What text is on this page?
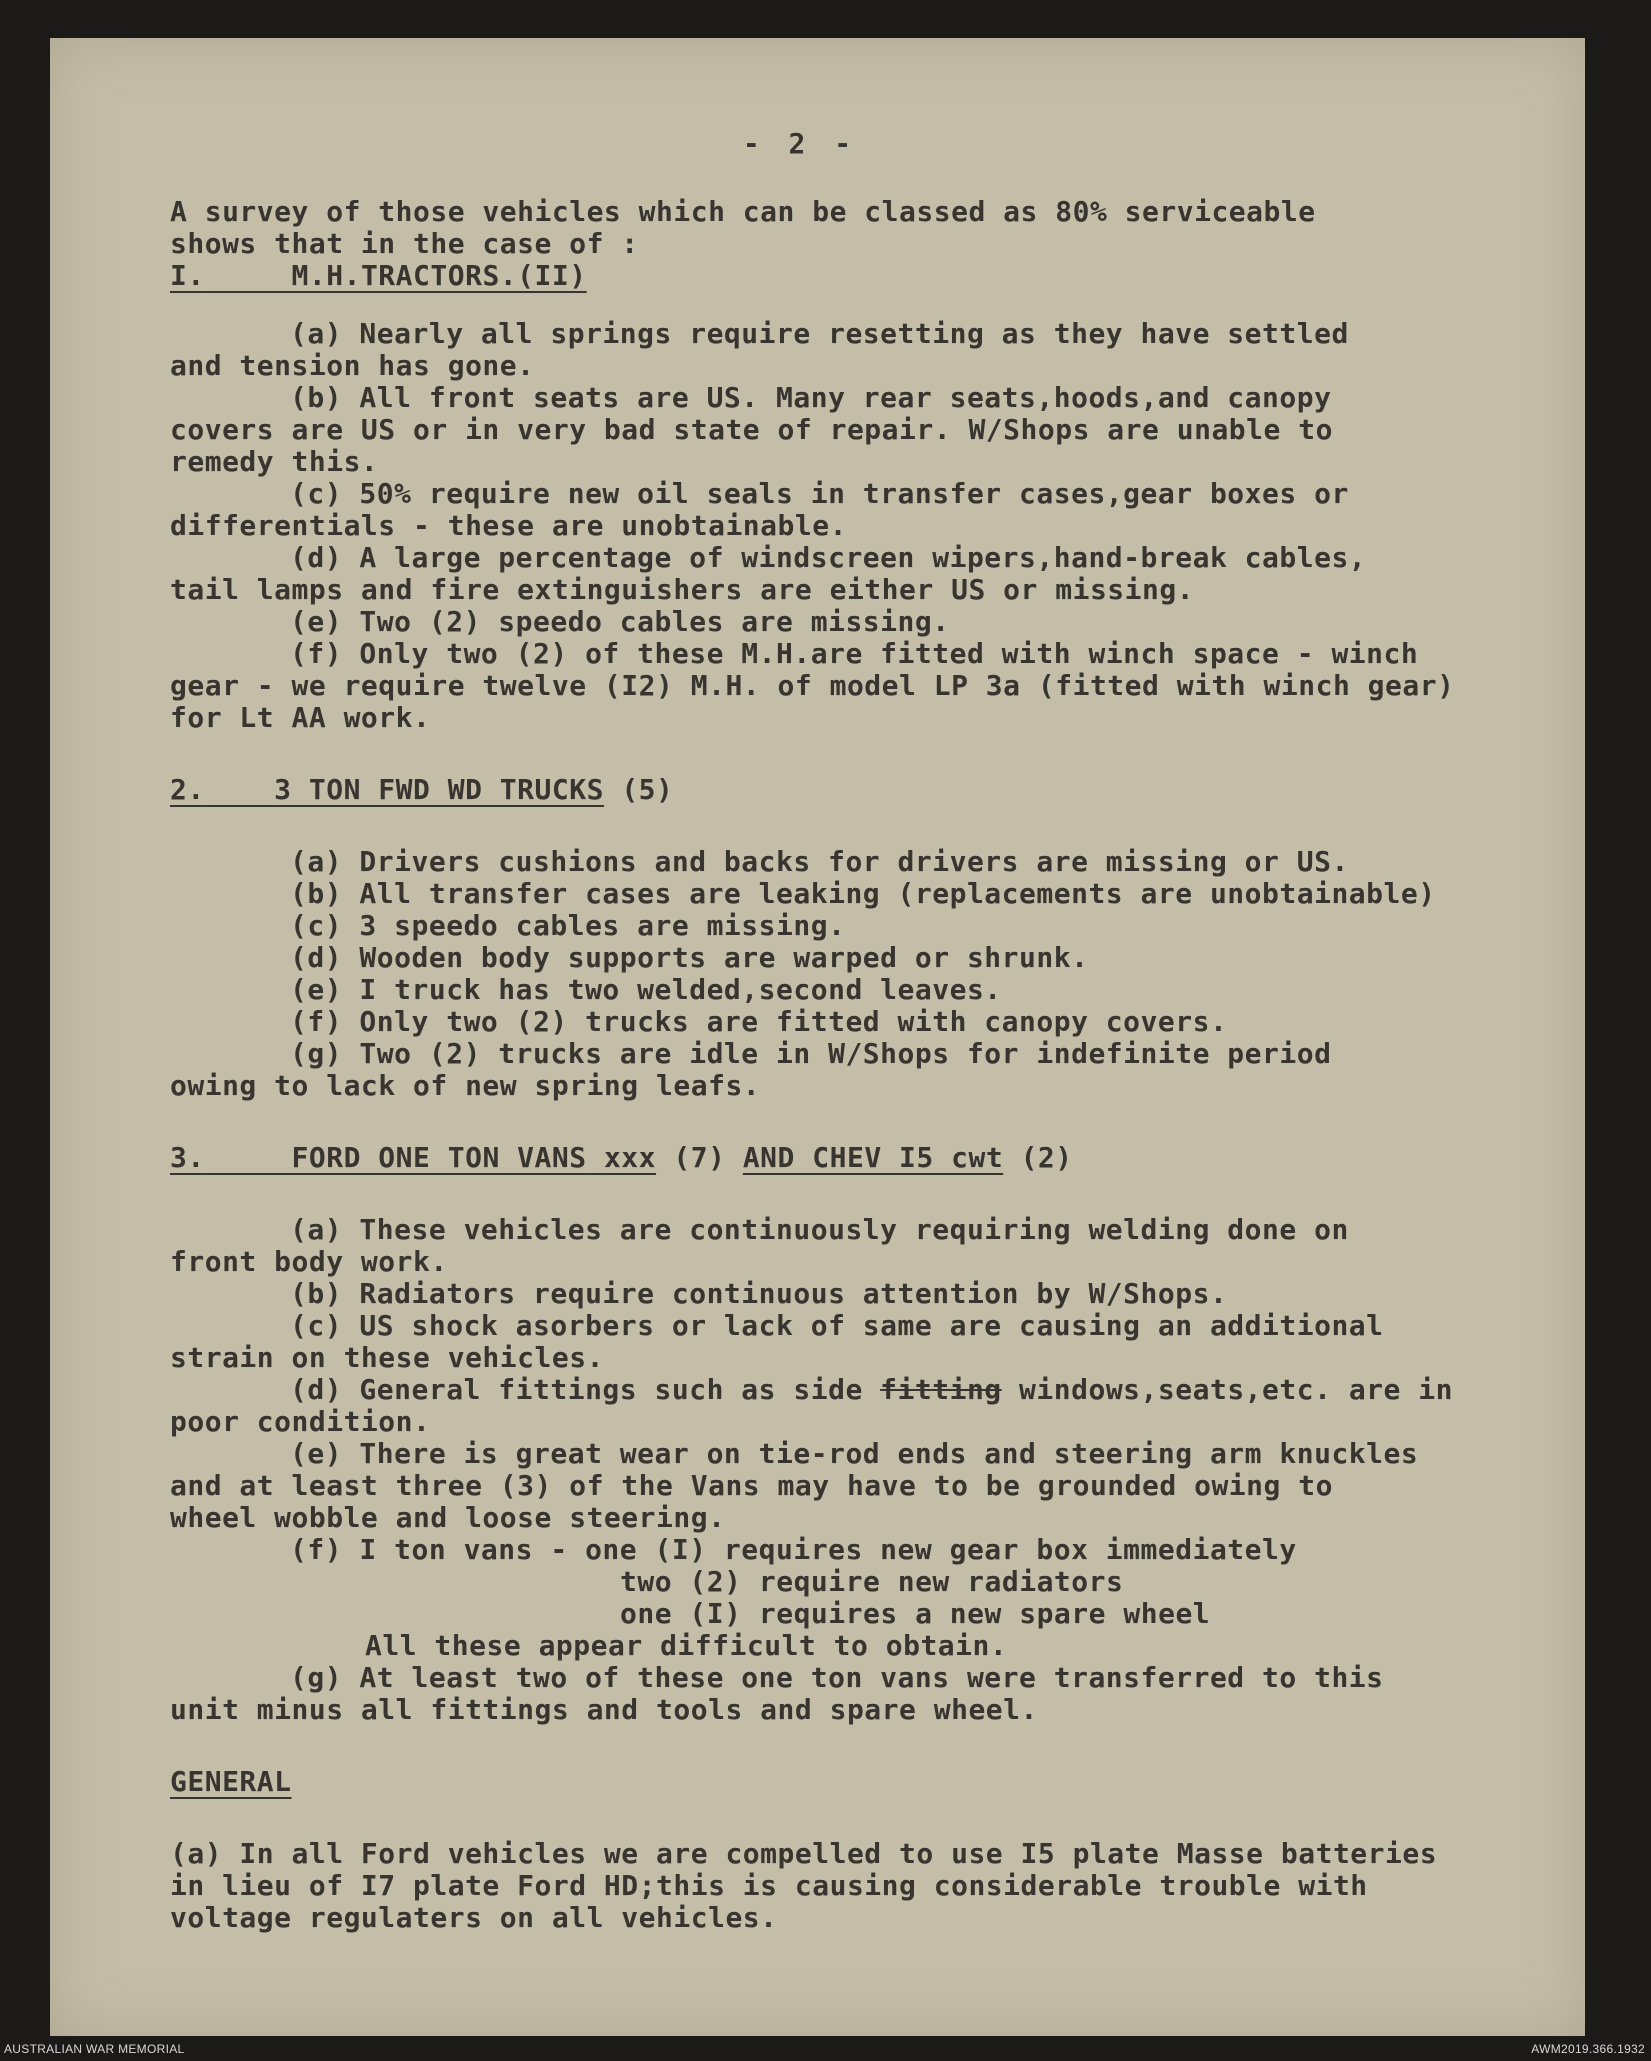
- 2 -
A survey of those vehicles which can be classed as 80% serviceable
shows that in the case of :
I.	M.H.TRACTORS.(II)
(a) Nearly all springs require resetting as they have settled
and tension has gone.
(b) All front seats are US. Many rear seats,hoods,and canopy
covers are US or in very bad state of repair. W/Shops are unable to
remedy this.
(c) 50% require new oil seals in transfer cases,gear boxes or
differentials - these are unobtainable.
(d) A large percentage of windscreen wipers,hand-break cables,
tail lamps and fire extinguishers are either US or missing.
(e) Two (2) speedo cables are missing.
(f) Only two (2) of these M.H.are fitted with winch space - winch
gear - we require twelve (I2) M.H. of model LP 3a (fitted with winch gear)
for Lt AA work.
2. 3 TON FWD WD TRUCKS (5)
(a) Drivers cushions and backs for drivers are missing or US.
(b) All transfer cases are leaking (replacements are unobtainable)
(c) 3 speedo cables are missing.
(d) Wooden body supports are warped or shrunk.
(e) I truck has two welded,second leaves.
(f) Only two (2) trucks are fitted with canopy covers.
(g) Two (2) trucks are idle in W/Shops for indefinite period
owing to lack of new spring leafs.
3.	FORD ONE TON VANS xxx (7) AND CHEV I5 cwt (2)
(a) These vehicles are continuously requiring welding done on
front body work.
(b) Radiators require continuous attention by W/Shops.
(c) US shock asorbers or lack of same are causing an additional
strain on these vehicles.
(d) General fittings such as side fitting windows,seats,etc. are in
poor condition.
(e) There is great wear on tie-rod ends and steering arm knuckles
and at least three (3) of the Vans may have to be grounded owing to
wheel wobble and loose steering.
(f) I ton vans - one (I) requires new gear box immediately
two (2) require new radiators
one (I) requires a new spare wheel
All these appear difficult to obtain.
(g) At least two of these one ton vans were transferred to this
unit minus all fittings and tools and spare wheel.
GENERAL
(a) In all Ford vehicles we are compelled to use I5 plate Masse batteries
in lieu of I7 plate Ford HD;this is causing considerable trouble with
voltage regulaters on all vehicles.
AUSTRALIAN WAR MEMORIAL	AWM2019.366.1932
